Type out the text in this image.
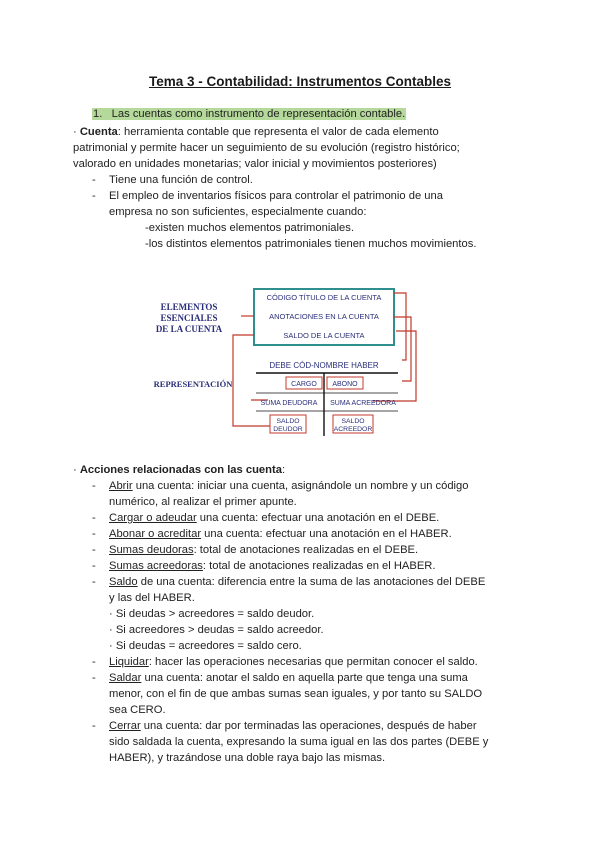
Tema 3 - Contabilidad: Instrumentos Contables
1. Las cuentas como instrumento de representación contable.
· Cuenta: herramienta contable que representa el valor de cada elemento
patrimonial y permite hacer un seguimiento de su evolución (registro histórico;
valorado en unidades monetarias; valor inicial y movimientos posteriores)
- Tiene una función de control.
- El empleo de inventarios físicos para controlar el patrimonio de una
empresa no son suficientes, especialmente cuando:
-existen muchos elementos patrimoniales.
-los distintos elementos patrimoniales tienen muchos movimientos.
ELEMENTOS
ESENCIALES
DE LA CUENTA
REPRESENTACIÓN
CÓDIGO TÍTULO DE LA CUENTA
ANOTACIONES EN LA CUENTA
SALDO DE LA CUENTA
DEBE CÓD-NOMBRE HABER
CARGO ABONO
SUMA DEUDORA SUMA ACREEDORA
SALDO
DEUDOR
SALDO
ACREEDOR
· Acciones relacionadas con las cuenta:
- Abrir una cuenta: iniciar una cuenta, asignándole un nombre y un código
numérico, al realizar el primer apunte.
- Cargar o adeudar una cuenta: efectuar una anotación en el DEBE.
- Abonar o acreditar una cuenta: efectuar una anotación en el HABER.
- Sumas deudoras: total de anotaciones realizadas en el DEBE.
- Sumas acreedoras: total de anotaciones realizadas en el HABER.
- Saldo de una cuenta: diferencia entre la suma de las anotaciones del DEBE
y las del HABER.
· Si deudas > acreedores = saldo deudor.
· Si acreedores > deudas = saldo acreedor.
· Si deudas = acreedores = saldo cero.
- Liquidar: hacer las operaciones necesarias que permitan conocer el saldo.
- Saldar una cuenta: anotar el saldo en aquella parte que tenga una suma
menor, con el fin de que ambas sumas sean iguales, y por tanto su SALDO
sea CERO.
- Cerrar una cuenta: dar por terminadas las operaciones, después de haber
sido saldada la cuenta, expresando la suma igual en las dos partes (DEBE y
HABER), y trazándose una doble raya bajo las mismas.
